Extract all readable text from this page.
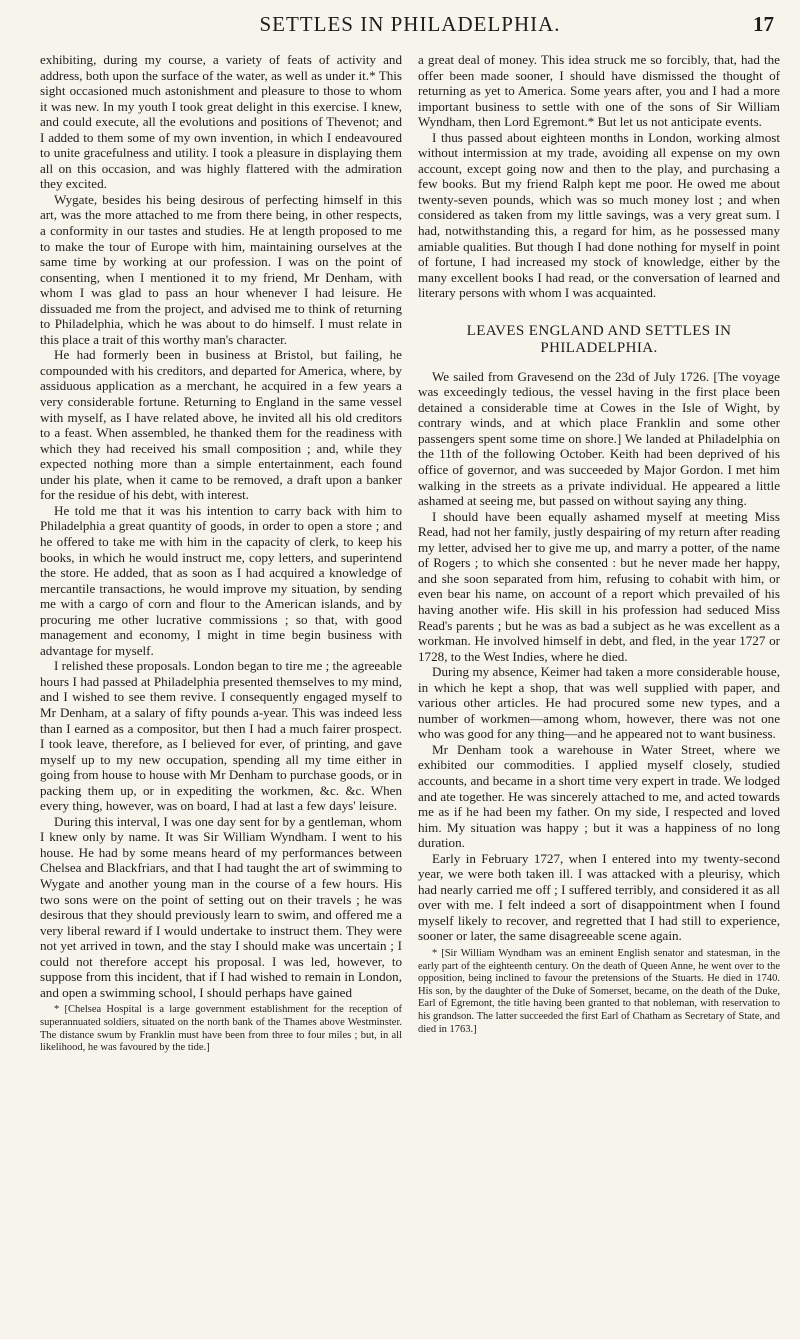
SETTLES IN PHILADELPHIA.	17

exhibiting, during my course, a variety of feats of activity and address, both upon the surface of the water, as well as under it.* This sight occasioned much astonishment and pleasure to those to whom it was new. In my youth I took great delight in this exercise. I knew, and could execute, all the evolutions and positions of Thevenot; and I added to them some of my own invention, in which I endeavoured to unite gracefulness and utility. I took a pleasure in displaying them all on this occasion, and was highly flattered with the admiration they excited.

Wygate, besides his being desirous of perfecting himself in this art, was the more attached to me from there being, in other respects, a conformity in our tastes and studies. He at length proposed to me to make the tour of Europe with him, maintaining ourselves at the same time by working at our profession. I was on the point of consenting, when I mentioned it to my friend, Mr Denham, with whom I was glad to pass an hour whenever I had leisure. He dissuaded me from the project, and advised me to think of returning to Philadelphia, which he was about to do himself. I must relate in this place a trait of this worthy man's character.

He had formerly been in business at Bristol, but failing, he compounded with his creditors, and departed for America, where, by assiduous application as a merchant, he acquired in a few years a very considerable fortune. Returning to England in the same vessel with myself, as I have related above, he invited all his old creditors to a feast. When assembled, he thanked them for the readiness with which they had received his small composition ; and, while they expected nothing more than a simple entertainment, each found under his plate, when it came to be removed, a draft upon a banker for the residue of his debt, with interest.

He told me that it was his intention to carry back with him to Philadelphia a great quantity of goods, in order to open a store ; and he offered to take me with him in the capacity of clerk, to keep his books, in which he would instruct me, copy letters, and superintend the store. He added, that as soon as I had acquired a knowledge of mercantile transactions, he would improve my situation, by sending me with a cargo of corn and flour to the American islands, and by procuring me other lucrative commissions ; so that, with good management and economy, I might in time begin business with advantage for myself.

I relished these proposals. London began to tire me ; the agreeable hours I had passed at Philadelphia presented themselves to my mind, and I wished to see them revive. I consequently engaged myself to Mr Denham, at a salary of fifty pounds a-year. This was indeed less than I earned as a compositor, but then I had a much fairer prospect. I took leave, therefore, as I believed for ever, of printing, and gave myself up to my new occupation, spending all my time either in going from house to house with Mr Denham to purchase goods, or in packing them up, or in expediting the workmen, &c. &c. When every thing, however, was on board, I had at last a few days' leisure.

During this interval, I was one day sent for by a gentleman, whom I knew only by name. It was Sir William Wyndham. I went to his house. He had by some means heard of my performances between Chelsea and Blackfriars, and that I had taught the art of swimming to Wygate and another young man in the course of a few hours. His two sons were on the point of setting out on their travels ; he was desirous that they should previously learn to swim, and offered me a very liberal reward if I would undertake to instruct them. They were not yet arrived in town, and the stay I should make was uncertain ; I could not therefore accept his proposal. I was led, however, to suppose from this incident, that if I had wished to remain in London, and open a swimming school, I should perhaps have gained

* [Chelsea Hospital is a large government establishment for the reception of superannuated soldiers, situated on the north bank of the Thames above Westminster. The distance swum by Franklin must have been from three to four miles ; but, in all likelihood, he was favoured by the tide.]

a great deal of money. This idea struck me so forcibly, that, had the offer been made sooner, I should have dismissed the thought of returning as yet to America. Some years after, you and I had a more important business to settle with one of the sons of Sir William Wyndham, then Lord Egremont.* But let us not anticipate events.

I thus passed about eighteen months in London, working almost without intermission at my trade, avoiding all expense on my own account, except going now and then to the play, and purchasing a few books. But my friend Ralph kept me poor. He owed me about twenty-seven pounds, which was so much money lost ; and when considered as taken from my little savings, was a very great sum. I had, notwithstanding this, a regard for him, as he possessed many amiable qualities. But though I had done nothing for myself in point of fortune, I had increased my stock of knowledge, either by the many excellent books I had read, or the conversation of learned and literary persons with whom I was acquainted.

LEAVES ENGLAND AND SETTLES IN PHILADELPHIA.

We sailed from Gravesend on the 23d of July 1726. [The voyage was exceedingly tedious, the vessel having in the first place been detained a considerable time at Cowes in the Isle of Wight, by contrary winds, and at which place Franklin and some other passengers spent some time on shore.] We landed at Philadelphia on the 11th of the following October. Keith had been deprived of his office of governor, and was succeeded by Major Gordon. I met him walking in the streets as a private individual. He appeared a little ashamed at seeing me, but passed on without saying any thing.

I should have been equally ashamed myself at meeting Miss Read, had not her family, justly despairing of my return after reading my letter, advised her to give me up, and marry a potter, of the name of Rogers ; to which she consented : but he never made her happy, and she soon separated from him, refusing to cohabit with him, or even bear his name, on account of a report which prevailed of his having another wife. His skill in his profession had seduced Miss Read's parents ; but he was as bad a subject as he was excellent as a workman. He involved himself in debt, and fled, in the year 1727 or 1728, to the West Indies, where he died.

During my absence, Keimer had taken a more considerable house, in which he kept a shop, that was well supplied with paper, and various other articles. He had procured some new types, and a number of workmen—among whom, however, there was not one who was good for any thing—and he appeared not to want business.

Mr Denham took a warehouse in Water Street, where we exhibited our commodities. I applied myself closely, studied accounts, and became in a short time very expert in trade. We lodged and ate together. He was sincerely attached to me, and acted towards me as if he had been my father. On my side, I respected and loved him. My situation was happy ; but it was a happiness of no long duration.

Early in February 1727, when I entered into my twenty-second year, we were both taken ill. I was attacked with a pleurisy, which had nearly carried me off ; I suffered terribly, and considered it as all over with me. I felt indeed a sort of disappointment when I found myself likely to recover, and regretted that I had still to experience, sooner or later, the same disagreeable scene again.

* [Sir William Wyndham was an eminent English senator and statesman, in the early part of the eighteenth century. On the death of Queen Anne, he went over to the opposition, being inclined to favour the pretensions of the Stuarts. He died in 1740. His son, by the daughter of the Duke of Somerset, became, on the death of the Duke, Earl of Egremont, the title having been granted to that nobleman, with reservation to his grandson. The latter succeeded the first Earl of Chatham as Secretary of State, and died in 1763.]
